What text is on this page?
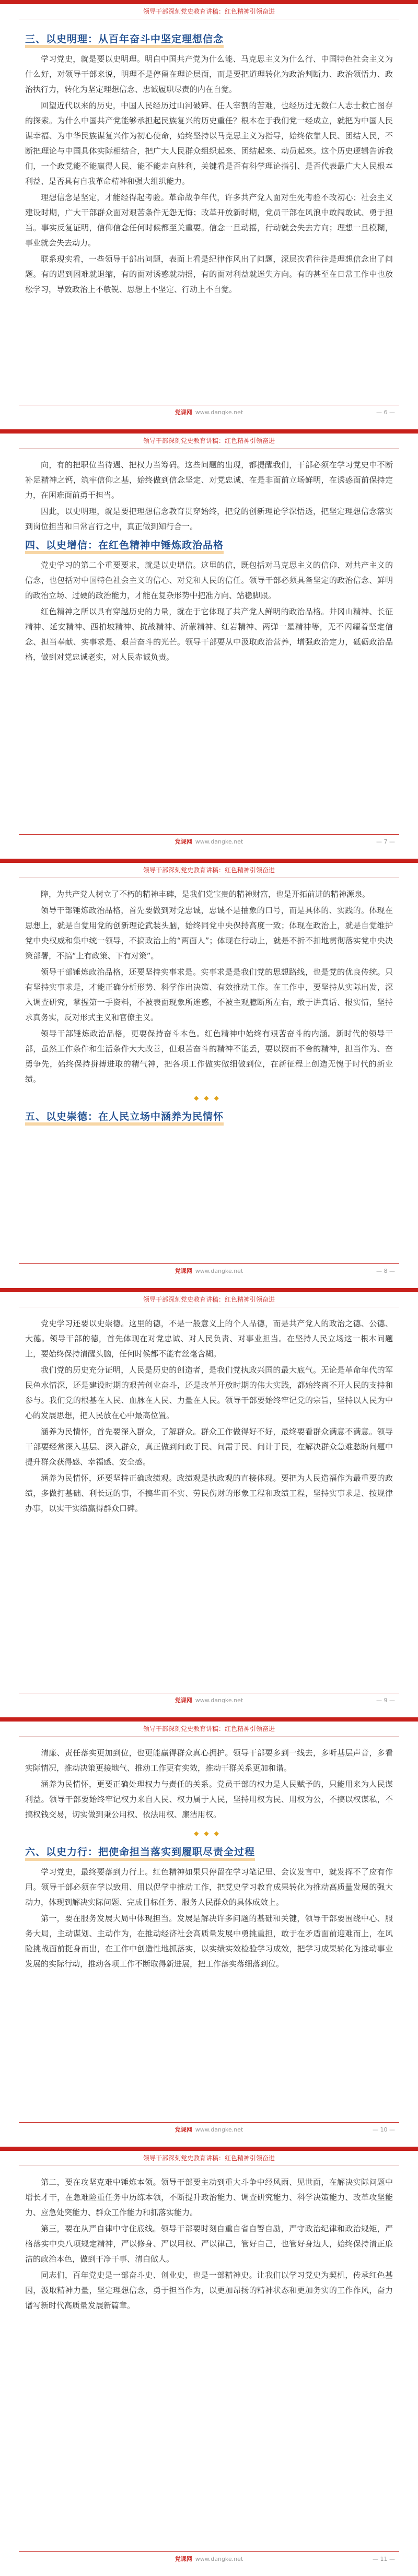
领导干部深刻党史教育讲稿：红色精神引领奋进
三、以史明理：从百年奋斗中坚定理想信念

学习党史，就是要以史明理。明白中国共产党为什么能、马克思主义为什么行、中国特色社会主义为什么好，对领导干部来说，明理不是停留在理论层面，而是要把道理转化为政治判断力、政治领悟力、政治执行力，转化为坚定理想信念、忠诚履职尽责的内在自觉。

回望近代以来的历史，中国人民经历过山河破碎、任人宰割的苦难，也经历过无数仁人志士救亡图存的探索。为什么中国共产党能够承担起民族复兴的历史重任？根本在于我们党一经成立，就把为中国人民谋幸福、为中华民族谋复兴作为初心使命，始终坚持以马克思主义为指导，始终依靠人民、团结人民，不断把理论与中国具体实际相结合，把广大人民群众组织起来、团结起来、动员起来。这个历史逻辑告诉我们，一个政党能不能赢得人民、能不能走向胜利，关键看是否有科学理论指引、是否代表最广大人民根本利益、是否具有自我革命精神和强大组织能力。

理想信念是坚定，才能经得起考验。革命战争年代，许多共产党人面对生死考验不改初心；社会主义建设时期，广大干部群众面对艰苦条件无怨无悔；改革开放新时期，党员干部在风浪中敢闯敢试、勇于担当。事实反复证明，信仰信念任何时候都至关重要。信念一旦动摇，行动就会失去方向；理想一旦模糊，事业就会失去动力。

联系现实看，一些领导干部出问题，表面上看是纪律作风出了问题，深层次看往往是理想信念出了问题。有的遇到困难就退缩，有的面对诱惑就动摇，有的面对利益就迷失方向。有的甚至在日常工作中也放松学习，导致政治上不敏锐、思想上不坚定、行动上不自觉。

党课网 www.dangke.net	— 6 —
领导干部深刻党史教育讲稿：红色精神引领奋进

向，有的把职位当待遇、把权力当筹码。这些问题的出现，都提醒我们，干部必须在学习党史中不断补足精神之钙，筑牢信仰之基，始终做到信念坚定、对党忠诚、在是非面前立场鲜明，在诱惑面前保持定力，在困难面前勇于担当。

因此，以史明理，就是要把理想信念教育贯穿始终，把党的创新理论学深悟透，把坚定理想信念落实到岗位担当和日常言行之中，真正做到知行合一。

四、以史增信：在红色精神中锤炼政治品格

党史学习的第二个重要要求，就是以史增信。这里的信，既包括对马克思主义的信仰、对共产主义的信念，也包括对中国特色社会主义的信心、对党和人民的信任。领导干部必须具备坚定的政治信念、鲜明的政治立场、过硬的政治能力，才能在复杂形势中把准方向、站稳脚跟。

红色精神之所以具有穿越历史的力量，就在于它体现了共产党人鲜明的政治品格。井冈山精神、长征精神、延安精神、西柏坡精神、抗战精神、沂蒙精神、红岩精神、两弹一星精神等，无不闪耀着坚定信念、担当奉献、实事求是、艰苦奋斗的光芒。领导干部要从中汲取政治营养，增强政治定力，砥砺政治品格，做到对党忠诚老实，对人民赤诚负责。

党课网 www.dangke.net	— 7 —
领导干部深刻党史教育讲稿：红色精神引领奋进

障，为共产党人树立了不朽的精神丰碑，是我们党宝贵的精神财富，也是开拓前进的精神源泉。

领导干部锤炼政治品格，首先要做到对党忠诚，忠诚不是抽象的口号，而是具体的、实践的。体现在思想上，就是自觉用党的创新理论武装头脑，始终同党中央保持高度一致；体现在政治上，就是自觉维护党中央权威和集中统一领导，不搞政治上的“两面人”；体现在行动上，就是不折不扣地贯彻落实党中央决策部署，不搞“上有政策、下有对策”。

领导干部锤炼政治品格，还要坚持实事求是。实事求是是我们党的思想路线，也是党的优良传统。只有坚持实事求是，才能正确分析形势、科学作出决策、有效推动工作。在工作中，要坚持从实际出发，深入调查研究，掌握第一手资料，不被表面现象所迷惑，不被主观臆断所左右，敢于讲真话、报实情，坚持求真务实，反对形式主义和官僚主义。

领导干部锤炼政治品格，更要保持奋斗本色。红色精神中始终有艰苦奋斗的内涵。新时代的领导干部，虽然工作条件和生活条件大大改善，但艰苦奋斗的精神不能丢，要以锲而不舍的精神，担当作为、奋勇争先，始终保持拼搏进取的精气神，把各项工作做实做细做到位，在新征程上创造无愧于时代的新业绩。

◆◆◆
五、以史崇德：在人民立场中涵养为民情怀
党课网 www.dangke.net	— 8 —
领导干部深刻党史教育讲稿：红色精神引领奋进

党史学习还要以史崇德。这里的德，不是一般意义上的个人品德，而是共产党人的政治之德、公德、大德。领导干部的德，首先体现在对党忠诚、对人民负责、对事业担当。在坚持人民立场这一根本问题上，要始终保持清醒头脑，任何时候都不能有丝毫含糊。

我们党的历史充分证明，人民是历史的创造者，是我们党执政兴国的最大底气。无论是革命年代的军民鱼水情深，还是建设时期的艰苦创业奋斗，还是改革开放时期的伟大实践，都始终离不开人民的支持和参与。我们党的根基在人民、血脉在人民、力量在人民。领导干部要始终牢记党的宗旨，坚持以人民为中心的发展思想，把人民放在心中最高位置。

涵养为民情怀，首先要深入群众，了解群众。群众工作做得好不好，最终要看群众满意不满意。领导干部要经常深入基层、深入群众，真正做到问政于民、问需于民、问计于民，在解决群众急难愁盼问题中提升群众获得感、幸福感、安全感。

涵养为民情怀，还要坚持正确政绩观。政绩观是执政观的直接体现。要把为人民造福作为最重要的政绩，多做打基础、利长远的事，不搞华而不实、劳民伤财的形象工程和政绩工程，坚持实事求是、按规律办事，以实干实绩赢得群众口碑。

党课网 www.dangke.net	— 9 —
领导干部深刻党史教育讲稿：红色精神引领奋进

清廉、责任落实更加到位，也更能赢得群众真心拥护。领导干部要多到一线去，多听基层声音，多看实际情况，推动决策更接地气、推动工作更有实效，推动干群关系更加和谐。

涵养为民情怀，更要正确处理权力与责任的关系。党员干部的权力是人民赋予的，只能用来为人民谋利益。领导干部要始终牢记权力来自人民、权力属于人民，坚持用权为民、用权为公，不搞以权谋私，不搞权钱交易，切实做到秉公用权、依法用权、廉洁用权。

◆◆◆
六、以史力行：把使命担当落实到履职尽责全过程

学习党史，最终要落到力行上。红色精神如果只停留在学习笔记里、会议发言中，就发挥不了应有作用。领导干部必须在学以致用、用以促学中推动工作，把党史学习教育成果转化为推动高质量发展的强大动力，体现到解决实际问题、完成目标任务、服务人民群众的具体成效上。

第一，要在服务发展大局中体现担当。发展是解决许多问题的基础和关键，领导干部要围绕中心、服务大局，主动谋划、主动作为，在推动经济社会高质量发展中勇挑重担，敢于在矛盾面前迎难而上，在风险挑战面前挺身而出，在工作中创造性地抓落实，以实绩实效检验学习成效，把学习成果转化为推动事业发展的实际行动，推动各项工作不断取得新进展，把工作落实落细落到位。

党课网 www.dangke.net	— 10 —
领导干部深刻党史教育讲稿：红色精神引领奋进

第二，要在攻坚克难中锤炼本领。领导干部要主动到重大斗争中经风雨、见世面，在解决实际问题中增长才干，在急难险重任务中历练本领，不断提升政治能力、调查研究能力、科学决策能力、改革攻坚能力、应急处突能力、群众工作能力和抓落实能力。

第三，要在从严自律中守住底线。领导干部要时刻自重自省自警自励，严守政治纪律和政治规矩，严格落实中央八项规定精神，严以修身、严以用权、严以律己，管好自己，也管好身边人，始终保持清正廉洁的政治本色，做到干净干事、清白做人。

同志们，百年党史是一部奋斗史、创业史，也是一部精神史。让我们以学习党史为契机，传承红色基因，汲取精神力量，坚定理想信念，勇于担当作为，以更加昂扬的精神状态和更加务实的工作作风，奋力谱写新时代高质量发展新篇章。

党课网 www.dangke.net	— 11 —
